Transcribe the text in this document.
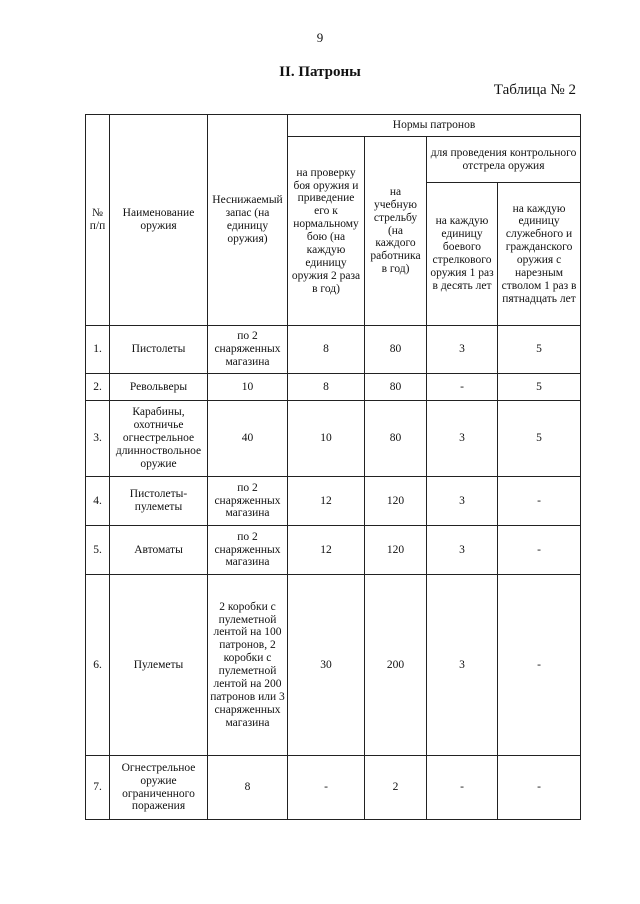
9
II. Патроны
Таблица № 2
№ п/п	Наименование оружия	Неснижаемый запас (на единицу оружия)	Нормы патронов			
			на проверку боя оружия и приведение его к нормальному бою (на каждую единицу оружия 2 раза в год)	на учебную стрельбу (на каждого работника в год)	для проведения контрольного отстрела оружия	
					на каждую единицу боевого стрелкового оружия 1 раз в десять лет	на каждую единицу служебного и гражданского оружия с нарезным стволом 1 раз в пятнадцать лет
1.	Пистолеты	по 2 снаряженных магазина	8	80	3	5
2.	Револьверы	10	8	80	-	5
3.	Карабины, охотничье огнестрельное длинноствольное оружие	40	10	80	3	5
4.	Пистолеты-пулеметы	по 2 снаряженных магазина	12	120	3	-
5.	Автоматы	по 2 снаряженных магазина	12	120	3	-
6.	Пулеметы	2 коробки с пулеметной лентой на 100 патронов, 2 коробки с пулеметной лентой на 200 патронов или 3 снаряженных магазина	30	200	3	-
7.	Огнестрельное оружие ограниченного поражения	8	-	2	-	-
